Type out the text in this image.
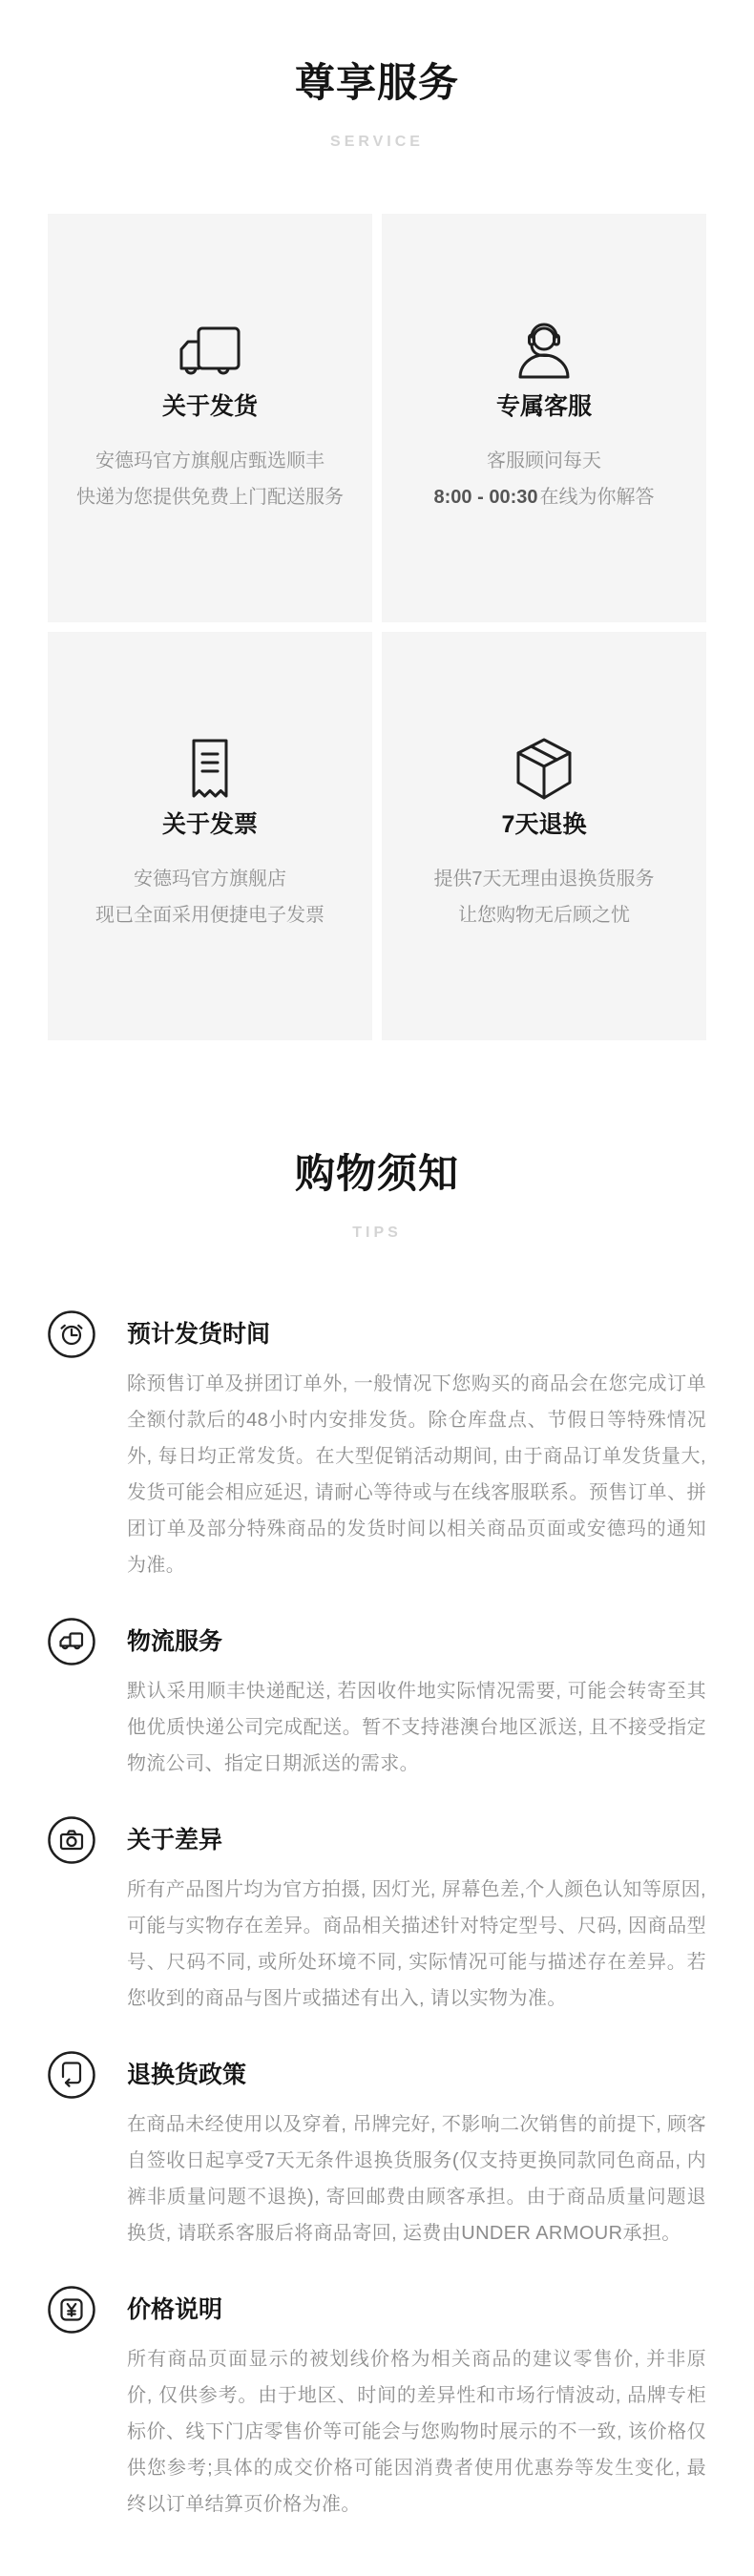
尊享服务
SERVICE
关于发货
安德玛官方旗舰店甄选顺丰
快递为您提供免费上门配送服务
专属客服
客服顾问每天
8:00 - 00:30 在线为你解答
关于发票
安德玛官方旗舰店
现已全面采用便捷电子发票
7天退换
提供7天无理由退换货服务
让您购物无后顾之忧
购物须知
TIPS
预计发货时间
除预售订单及拼团订单外, 一般情况下您购买的商品会在您完成订单全额付款后的48小时内安排发货。除仓库盘点、节假日等特殊情况外, 每日均正常发货。在大型促销活动期间, 由于商品订单发货量大, 发货可能会相应延迟, 请耐心等待或与在线客服联系。预售订单、拼团订单及部分特殊商品的发货时间以相关商品页面或安德玛的通知为准。
物流服务
默认采用顺丰快递配送, 若因收件地实际情况需要, 可能会转寄至其他优质快递公司完成配送。暂不支持港澳台地区派送, 且不接受指定物流公司、指定日期派送的需求。
关于差异
所有产品图片均为官方拍摄, 因灯光, 屏幕色差,个人颜色认知等原因, 可能与实物存在差异。商品相关描述针对特定型号、尺码, 因商品型号、尺码不同, 或所处环境不同, 实际情况可能与描述存在差异。若您收到的商品与图片或描述有出入, 请以实物为准。
退换货政策
在商品未经使用以及穿着, 吊牌完好, 不影响二次销售的前提下, 顾客自签收日起享受7天无条件退换货服务(仅支持更换同款同色商品, 内裤非质量问题不退换), 寄回邮费由顾客承担。由于商品质量问题退换货, 请联系客服后将商品寄回, 运费由UNDER ARMOUR承担。
价格说明
所有商品页面显示的被划线价格为相关商品的建议零售价, 并非原价, 仅供参考。由于地区、时间的差异性和市场行情波动, 品牌专柜标价、线下门店零售价等可能会与您购物时展示的不一致, 该价格仅供您参考;具体的成交价格可能因消费者使用优惠券等发生变化, 最终以订单结算页价格为准。
